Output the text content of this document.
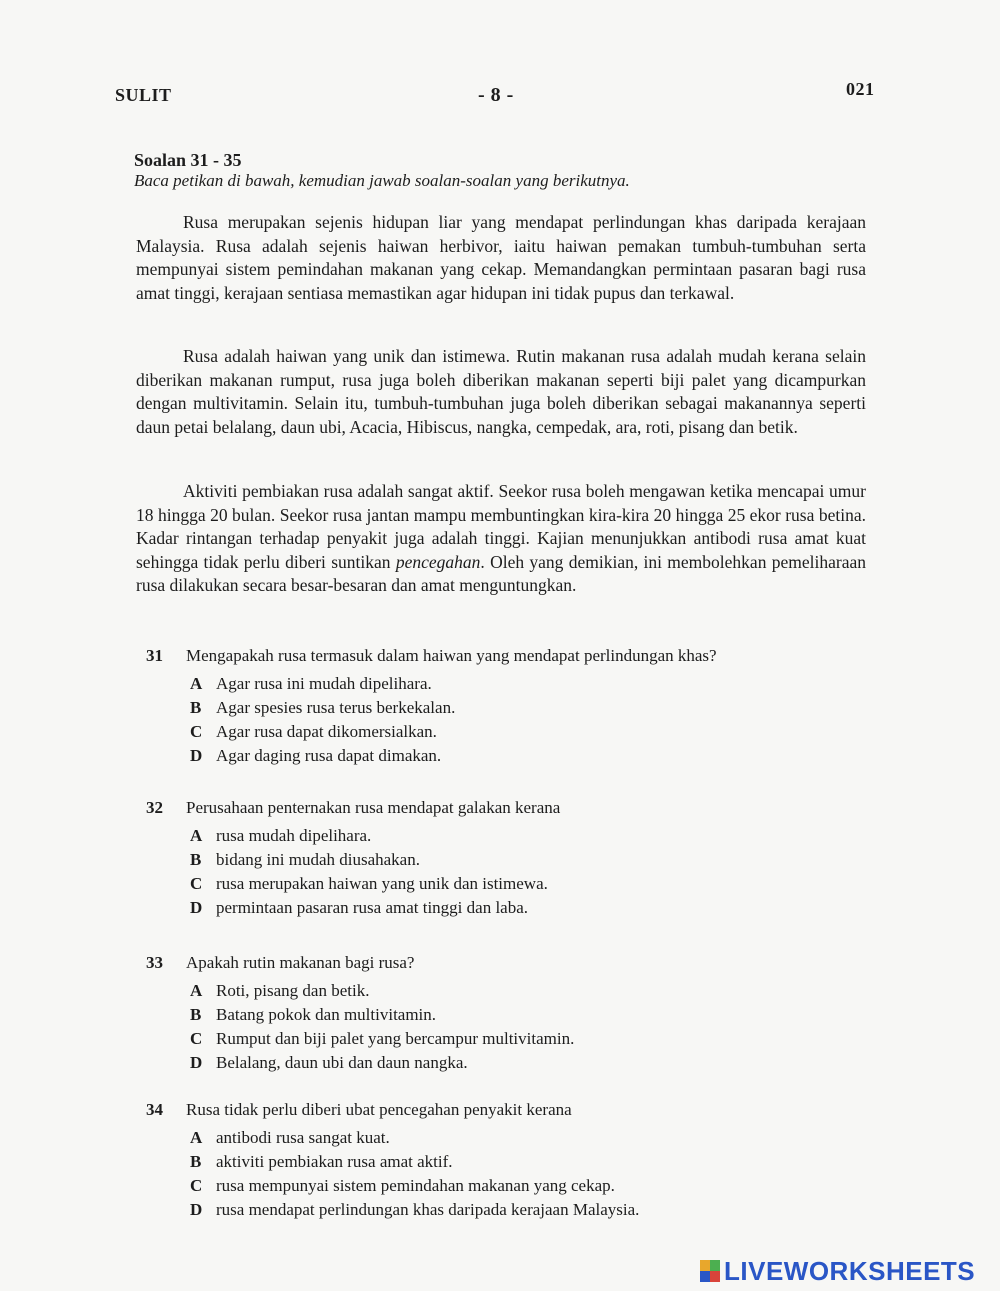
SULIT	- 8 -	021
Soalan 31 - 35
Baca petikan di bawah, kemudian jawab soalan-soalan yang berikutnya.

Rusa merupakan sejenis hidupan liar yang mendapat perlindungan khas daripada kerajaan Malaysia. Rusa adalah sejenis haiwan herbivor, iaitu haiwan pemakan tumbuh-tumbuhan serta mempunyai sistem pemindahan makanan yang cekap. Memandangkan permintaan pasaran bagi rusa amat tinggi, kerajaan sentiasa memastikan agar hidupan ini tidak pupus dan terkawal.

Rusa adalah haiwan yang unik dan istimewa. Rutin makanan rusa adalah mudah kerana selain diberikan makanan rumput, rusa juga boleh diberikan makanan seperti biji palet yang dicampurkan dengan multivitamin. Selain itu, tumbuh-tumbuhan juga boleh diberikan sebagai makanannya seperti daun petai belalang, daun ubi, Acacia, Hibiscus, nangka, cempedak, ara, roti, pisang dan betik.

Aktiviti pembiakan rusa adalah sangat aktif. Seekor rusa boleh mengawan ketika mencapai umur 18 hingga 20 bulan. Seekor rusa jantan mampu membuntingkan kira-kira 20 hingga 25 ekor rusa betina. Kadar rintangan terhadap penyakit juga adalah tinggi. Kajian menunjukkan antibodi rusa amat kuat sehingga tidak perlu diberi suntikan pencegahan. Oleh yang demikian, ini membolehkan pemeliharaan rusa dilakukan secara besar-besaran dan amat menguntungkan.

31	Mengapakah rusa termasuk dalam haiwan yang mendapat perlindungan khas?
A Agar rusa ini mudah dipelihara.
B Agar spesies rusa terus berkekalan.
C Agar rusa dapat dikomersialkan.
D Agar daging rusa dapat dimakan.
32	Perusahaan penternakan rusa mendapat galakan kerana
A rusa mudah dipelihara.
B bidang ini mudah diusahakan.
C rusa merupakan haiwan yang unik dan istimewa.
D permintaan pasaran rusa amat tinggi dan laba.
33	Apakah rutin makanan bagi rusa?
A Roti, pisang dan betik.
B Batang pokok dan multivitamin.
C Rumput dan biji palet yang bercampur multivitamin.
D Belalang, daun ubi dan daun nangka.
34	Rusa tidak perlu diberi ubat pencegahan penyakit kerana
A antibodi rusa sangat kuat.
B aktiviti pembiakan rusa amat aktif.
C rusa mempunyai sistem pemindahan makanan yang cekap.
D rusa mendapat perlindungan khas daripada kerajaan Malaysia.
LIVEWORKSHEETS
